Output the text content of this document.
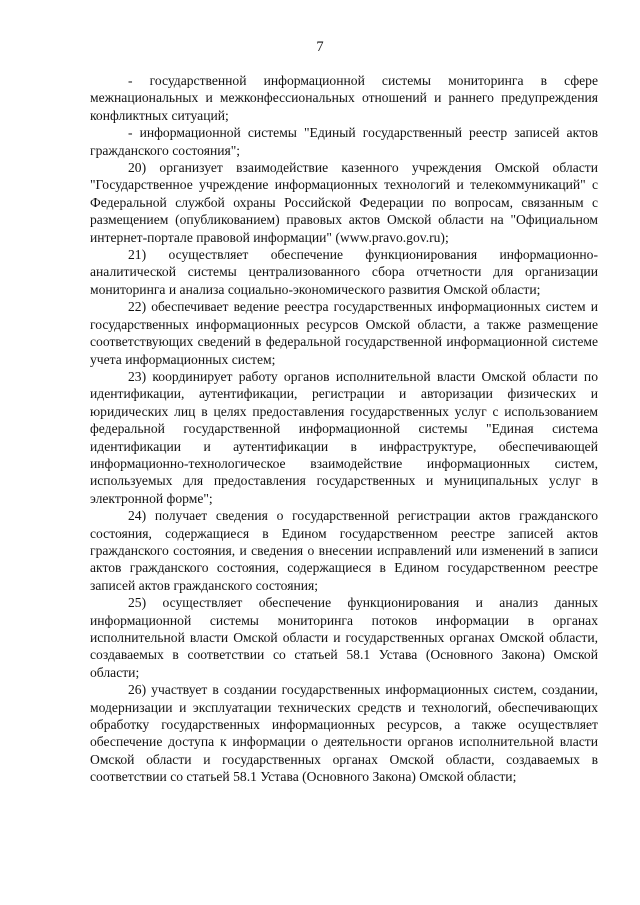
7

- государственной информационной системы мониторинга в сфере межнациональных и межконфессиональных отношений и раннего предупреждения конфликтных ситуаций;

- информационной системы "Единый государственный реестр записей актов гражданского состояния";

20) организует взаимодействие казенного учреждения Омской области "Государственное учреждение информационных технологий и телекоммуникаций" с Федеральной службой охраны Российской Федерации по вопросам, связанным с размещением (опубликованием) правовых актов Омской области на "Официальном интернет-портале правовой информации" (www.pravo.gov.ru);

21) осуществляет обеспечение функционирования информационно-аналитической системы централизованного сбора отчетности для организации мониторинга и анализа социально-экономического развития Омской области;

22) обеспечивает ведение реестра государственных информационных систем и государственных информационных ресурсов Омской области, а также размещение соответствующих сведений в федеральной государственной информационной системе учета информационных систем;

23) координирует работу органов исполнительной власти Омской области по идентификации, аутентификации, регистрации и авторизации физических и юридических лиц в целях предоставления государственных услуг с использованием федеральной государственной информационной системы "Единая система идентификации и аутентификации в инфраструктуре, обеспечивающей информационно-технологическое взаимодействие информационных систем, используемых для предоставления государственных и муниципальных услуг в электронной форме";

24) получает сведения о государственной регистрации актов гражданского состояния, содержащиеся в Едином государственном реестре записей актов гражданского состояния, и сведения о внесении исправлений или изменений в записи актов гражданского состояния, содержащиеся в Едином государственном реестре записей актов гражданского состояния;

25) осуществляет обеспечение функционирования и анализ данных информационной системы мониторинга потоков информации в органах исполнительной власти Омской области и государственных органах Омской области, создаваемых в соответствии со статьей 58.1 Устава (Основного Закона) Омской области;

26) участвует в создании государственных информационных систем, создании, модернизации и эксплуатации технических средств и технологий, обеспечивающих обработку государственных информационных ресурсов, а также осуществляет обеспечение доступа к информации о деятельности органов исполнительной власти Омской области и государственных органах Омской области, создаваемых в соответствии со статьей 58.1 Устава (Основного Закона) Омской области;
